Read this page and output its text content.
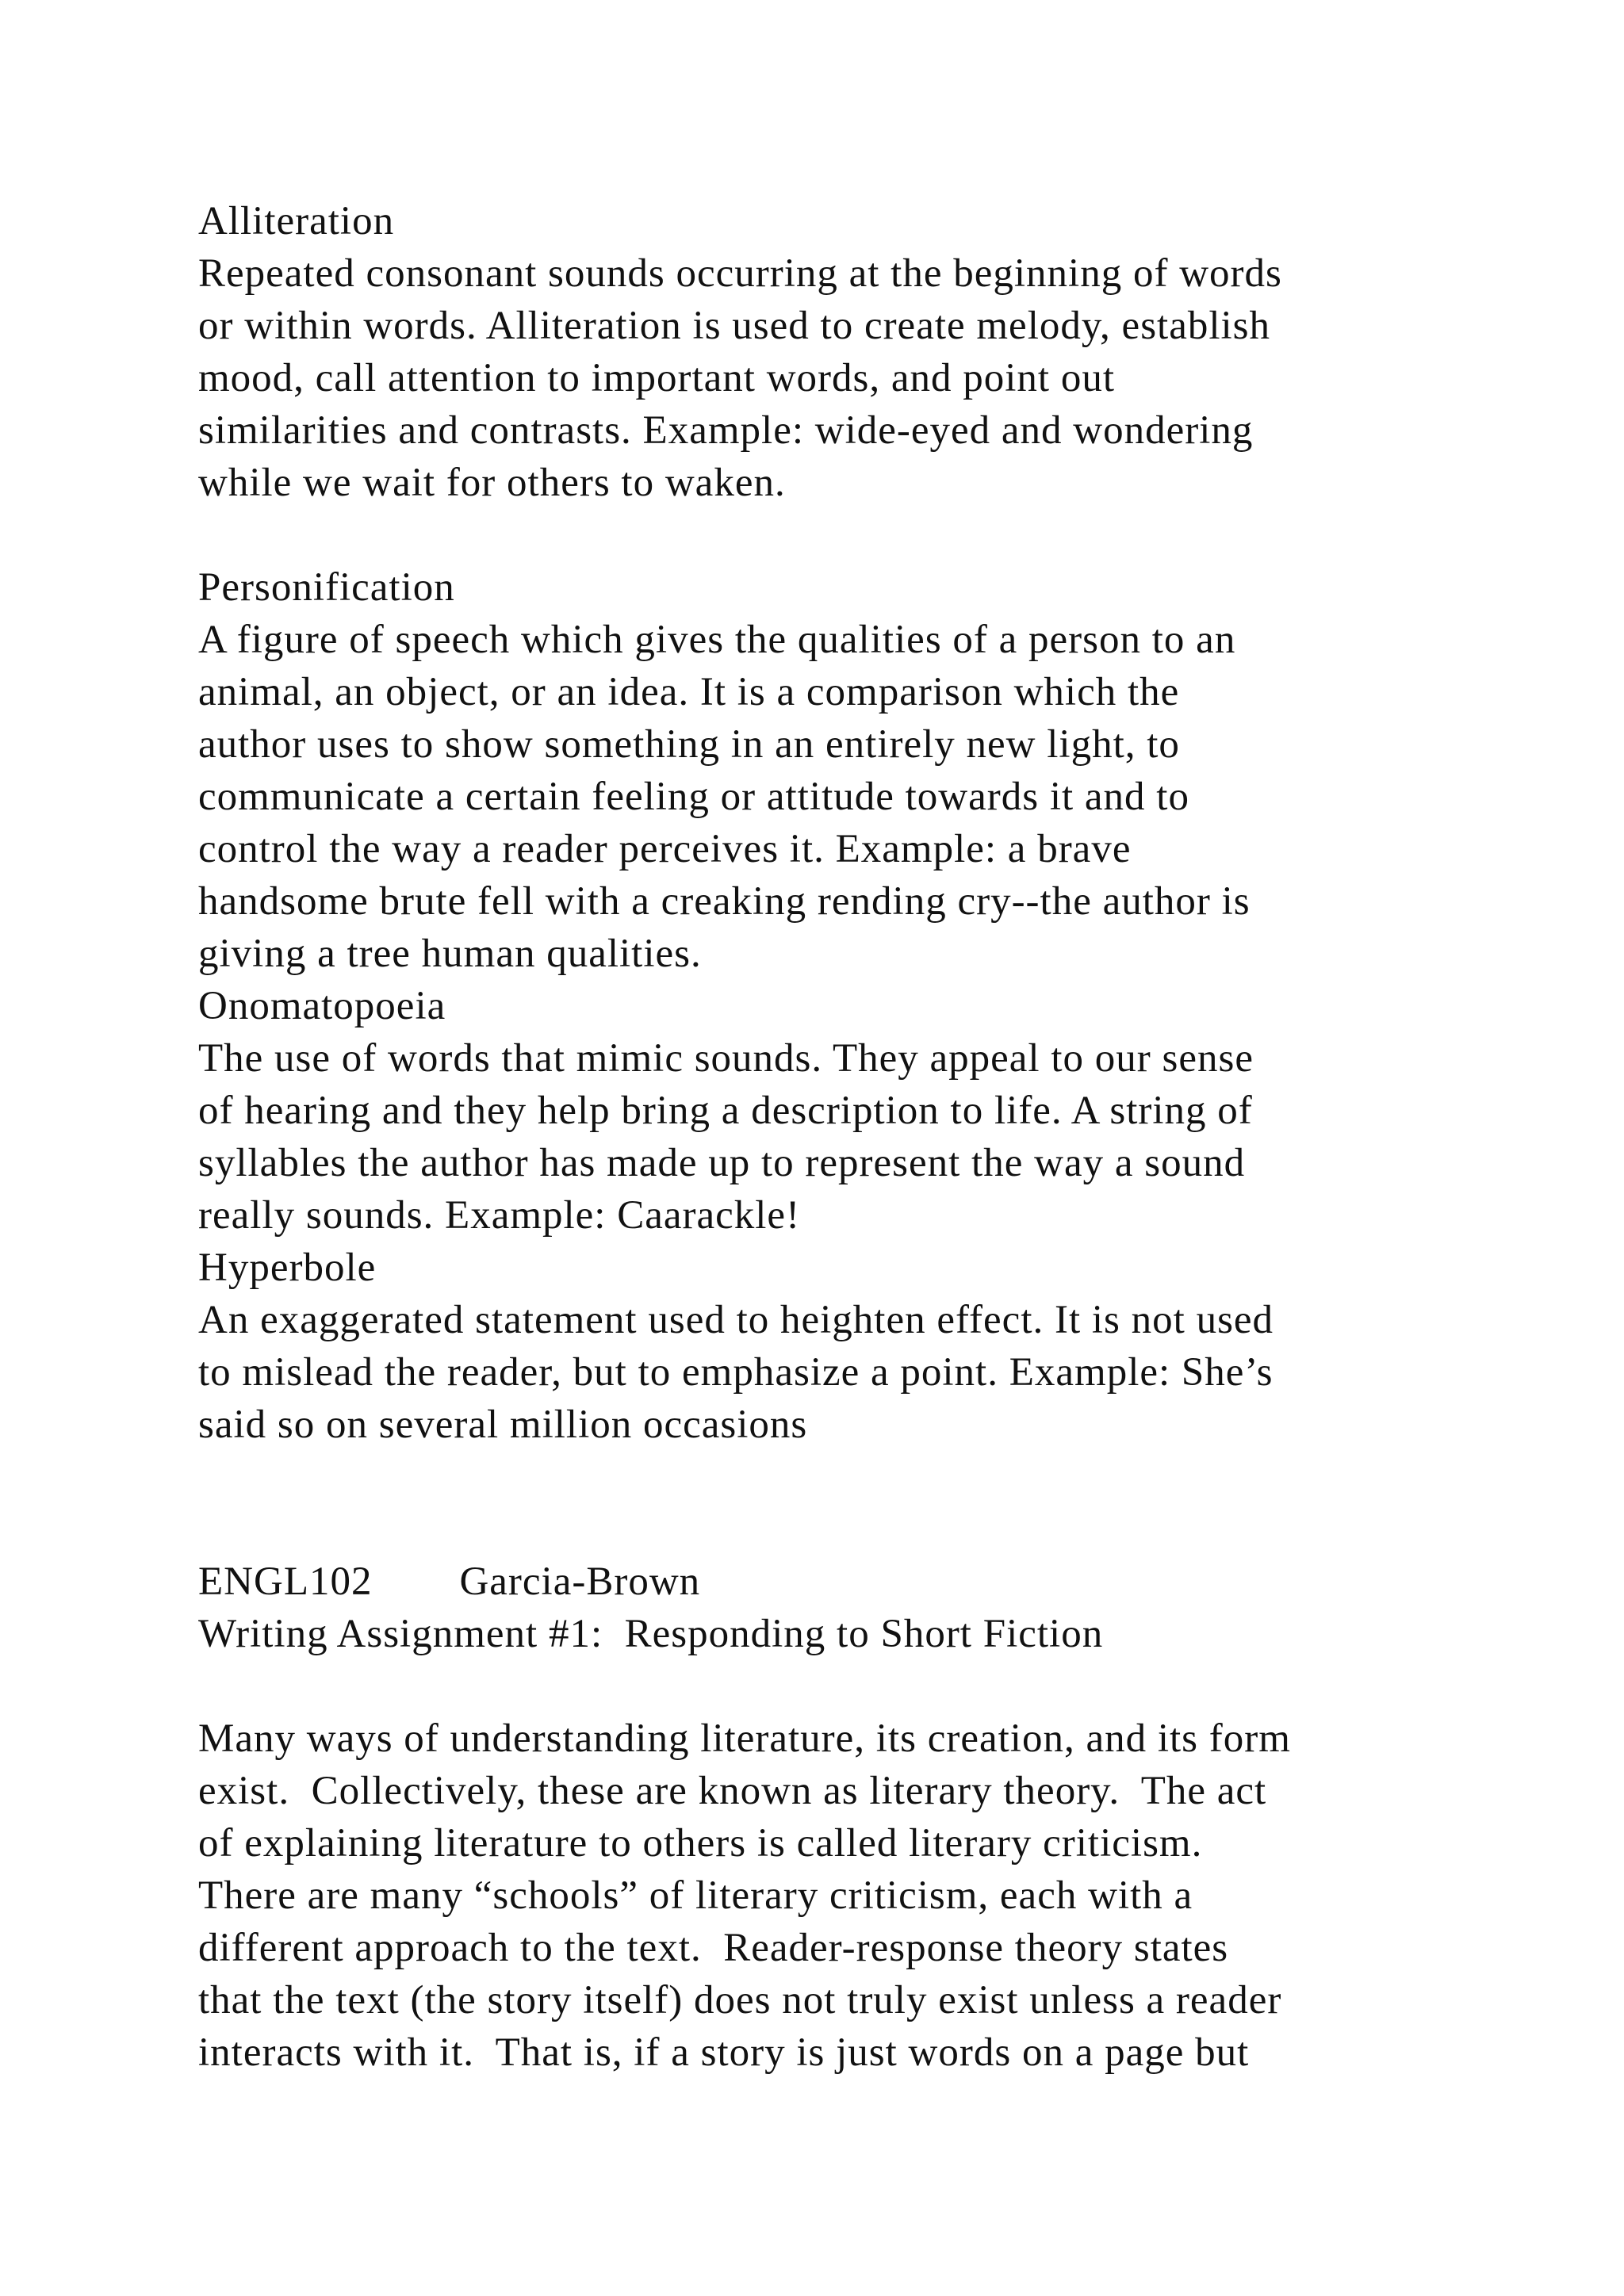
Alliteration
Repeated consonant sounds occurring at the beginning of words
or within words. Alliteration is used to create melody, establish
mood, call attention to important words, and point out
similarities and contrasts. Example: wide-eyed and wondering
while we wait for others to waken.
Personification
A figure of speech which gives the qualities of a person to an
animal, an object, or an idea. It is a comparison which the
author uses to show something in an entirely new light, to
communicate a certain feeling or attitude towards it and to
control the way a reader perceives it. Example: a brave
handsome brute fell with a creaking rending cry--the author is
giving a tree human qualities.
Onomatopoeia
The use of words that mimic sounds. They appeal to our sense
of hearing and they help bring a description to life. A string of
syllables the author has made up to represent the way a sound
really sounds. Example: Caarackle!
Hyperbole
An exaggerated statement used to heighten effect. It is not used
to mislead the reader, but to emphasize a point. Example: She’s
said so on several million occasions
ENGL102        Garcia-Brown
Writing Assignment #1:  Responding to Short Fiction
Many ways of understanding literature, its creation, and its form
exist.  Collectively, these are known as literary theory.  The act
of explaining literature to others is called literary criticism.
There are many “schools” of literary criticism, each with a
different approach to the text.  Reader-response theory states
that the text (the story itself) does not truly exist unless a reader
interacts with it.  That is, if a story is just words on a page but
